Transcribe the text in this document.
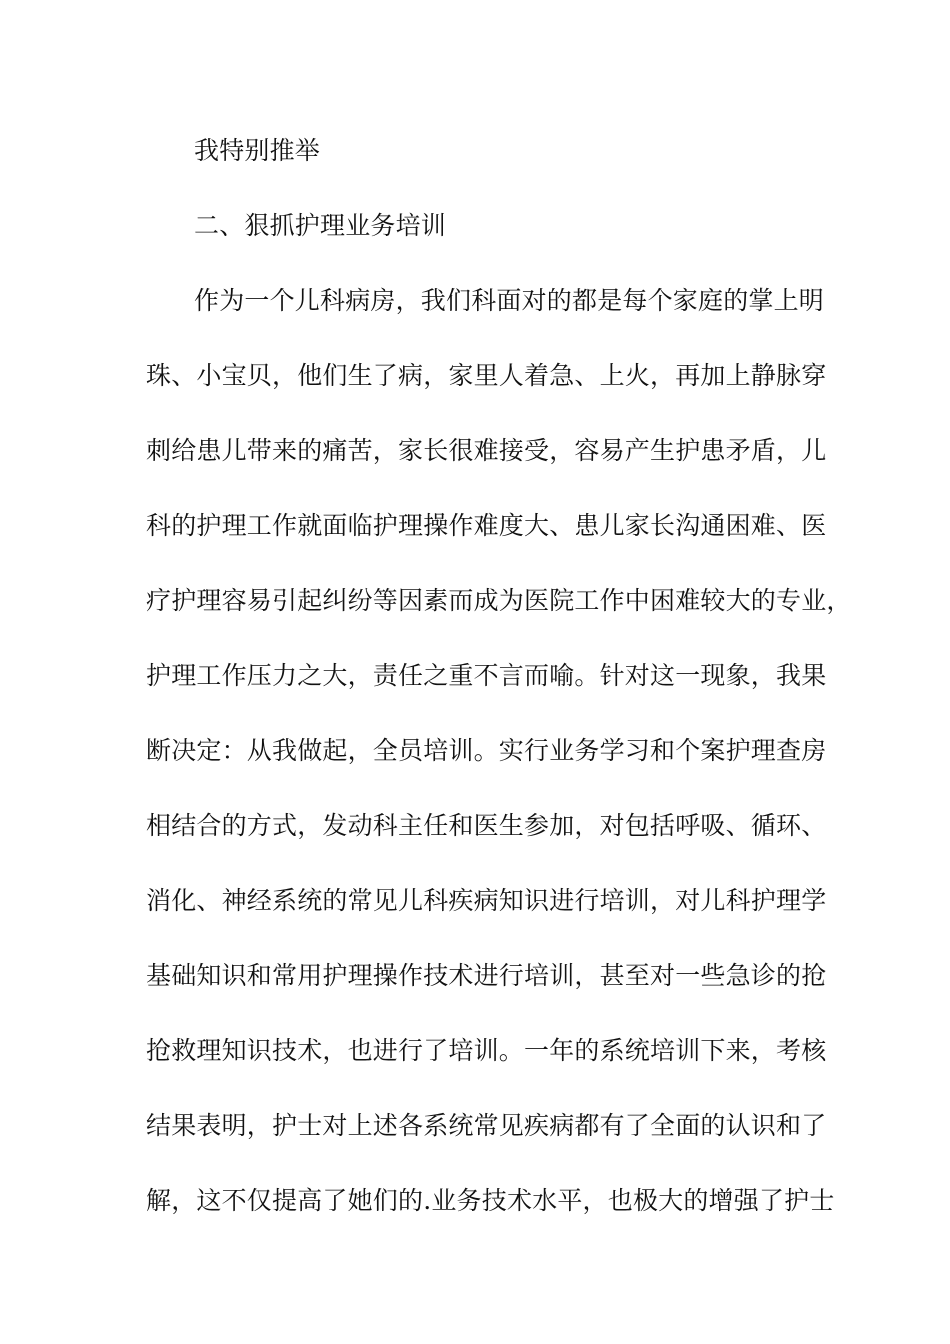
我特别推举
二、狠抓护理业务培训
作为一个儿科病房，我们科面对的都是每个家庭的掌上明
珠、小宝贝，他们生了病，家里人着急、上火，再加上静脉穿
刺给患儿带来的痛苦，家长很难接受，容易产生护患矛盾，儿
科的护理工作就面临护理操作难度大、患儿家长沟通困难、医
疗护理容易引起纠纷等因素而成为医院工作中困难较大的专业，
护理工作压力之大，责任之重不言而喻。针对这一现象，我果
断决定：从我做起，全员培训。实行业务学习和个案护理查房
相结合的方式，发动科主任和医生参加，对包括呼吸、循环、
消化、神经系统的常见儿科疾病知识进行培训，对儿科护理学
基础知识和常用护理操作技术进行培训，甚至对一些急诊的抢
抢救理知识技术，也进行了培训。一年的系统培训下来，考核
结果表明，护士对上述各系统常见疾病都有了全面的认识和了
解，这不仅提高了她们的.业务技术水平，也极大的增强了护士
